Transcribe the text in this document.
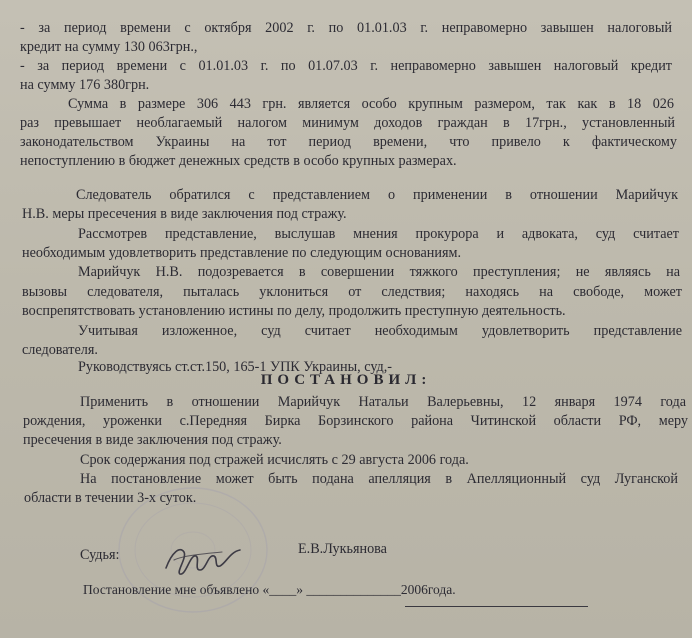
- за период времени с октября 2002 г. по 01.01.03 г. неправомерно завышен налоговый
кредит на сумму 130 063грн.,
- за период времени с 01.01.03 г. по 01.07.03 г. неправомерно завышен налоговый кредит
на сумму 176 380грн.
Сумма в размере 306 443 грн. является особо крупным размером, так как в 18 026
раз превышает необлагаемый налогом минимум доходов граждан в 17грн., установленный
законодательством Украины на тот период времени, что привело к фактическому
непоступлению в бюджет денежных средств в особо крупных размерах.
Следователь обратился с представлением о применении в отношении Марийчук
Н.В. меры пресечения в виде заключения под стражу.
Рассмотрев представление, выслушав мнения прокурора и адвоката, суд считает
необходимым удовлетворить представление по следующим основаниям.
Марийчук Н.В. подозревается в совершении тяжкого преступления; не являясь на
вызовы следователя, пыталась уклониться от следствия; находясь на свободе, может
воспрепятствовать установлению истины по делу, продолжить преступную деятельность.
Учитывая изложенное, суд считает необходимым удовлетворить представление
следователя.
Руководствуясь ст.ст.150, 165-1 УПК Украины, суд,-
ПОСТАНОВИЛ:
Применить в отношении Марийчук Натальи Валерьевны, 12 января 1974 года
рождения, уроженки с.Передняя Бирка Борзинского района Читинской области РФ, меру
пресечения в виде заключения под стражу.
Срок содержания под стражей исчислять с 29 августа 2006 года.
На постановление может быть подана апелляция в Апелляционный суд Луганской
области в течении 3-х суток.
Судья:	Е.В.Лукьянова
Постановление мне объявлено «____» ______________2006года.
